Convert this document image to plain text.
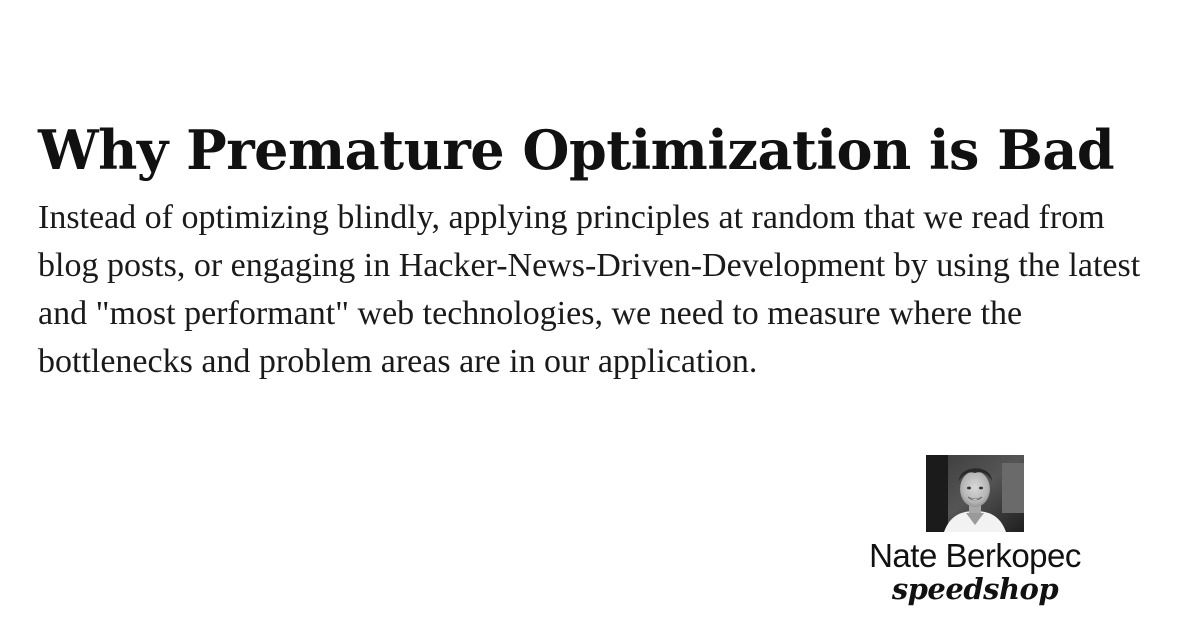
Why Premature Optimization is Bad

Instead of optimizing blindly, applying principles at random that we read from blog posts, or engaging in Hacker-News-Driven-Development by using the latest and "most performant" web technologies, we need to measure where the bottlenecks and problem areas are in our application.

Nate Berkopec
speedshop
